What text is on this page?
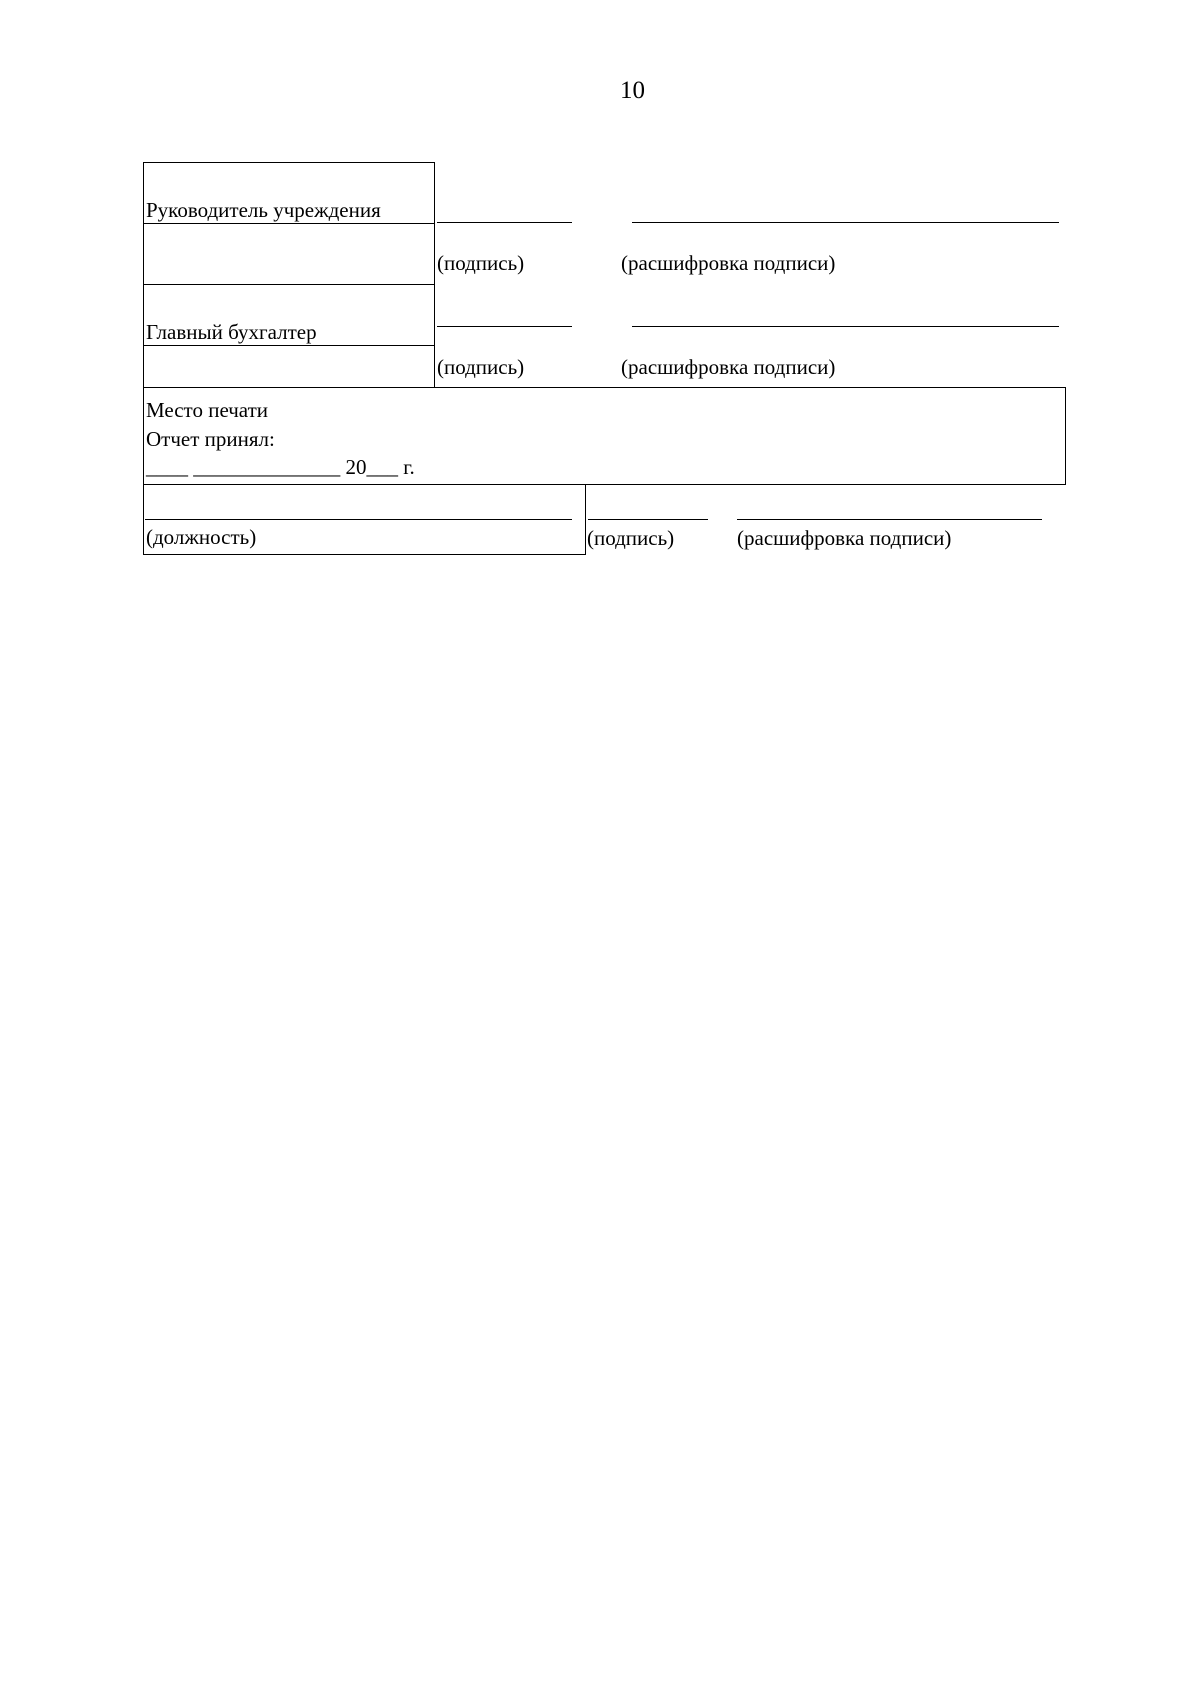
10
Руководитель учреждения
(подпись)	(расшифровка подписи)
Главный бухгалтер
(подпись)	(расшифровка подписи)
Место печати
Отчет принял:
____ ______________ 20___ г.
(должность)	(подпись)	(расшифровка подписи)
